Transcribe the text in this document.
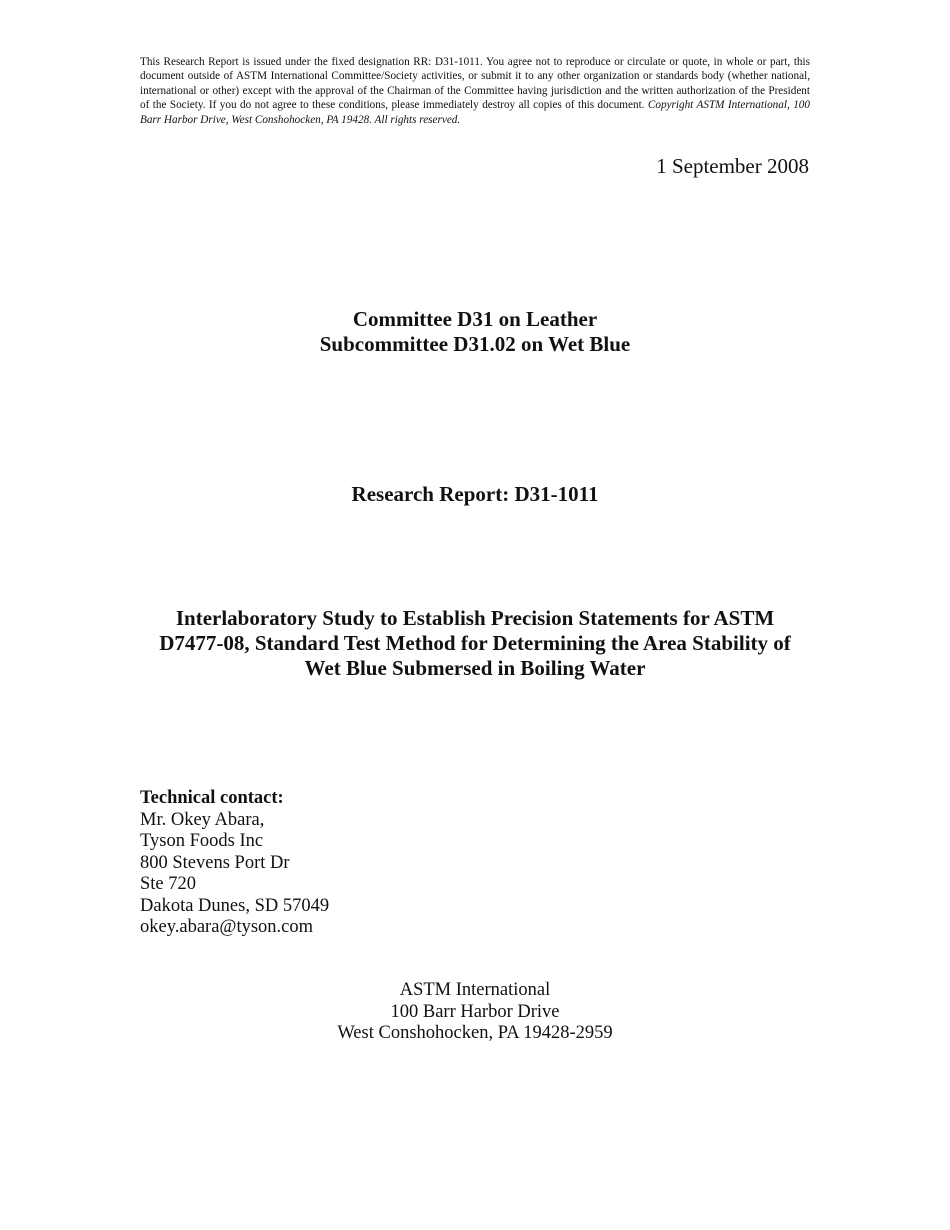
This Research Report is issued under the fixed designation RR: D31-1011. You agree not to reproduce or circulate or quote, in whole or part, this document outside of ASTM International Committee/Society activities, or submit it to any other organization or standards body (whether national, international or other) except with the approval of the Chairman of the Committee having jurisdiction and the written authorization of the President of the Society. If you do not agree to these conditions, please immediately destroy all copies of this document. Copyright ASTM International, 100 Barr Harbor Drive, West Conshohocken, PA 19428. All rights reserved.
1 September 2008
Committee D31 on Leather
Subcommittee D31.02 on Wet Blue
Research Report: D31-1011
Interlaboratory Study to Establish Precision Statements for ASTM
D7477-08, Standard Test Method for Determining the Area Stability of
Wet Blue Submersed in Boiling Water
Technical contact:
Mr. Okey Abara,
Tyson Foods Inc
800 Stevens Port Dr
Ste 720
Dakota Dunes, SD 57049
okey.abara@tyson.com
ASTM International
100 Barr Harbor Drive
West Conshohocken, PA 19428-2959
